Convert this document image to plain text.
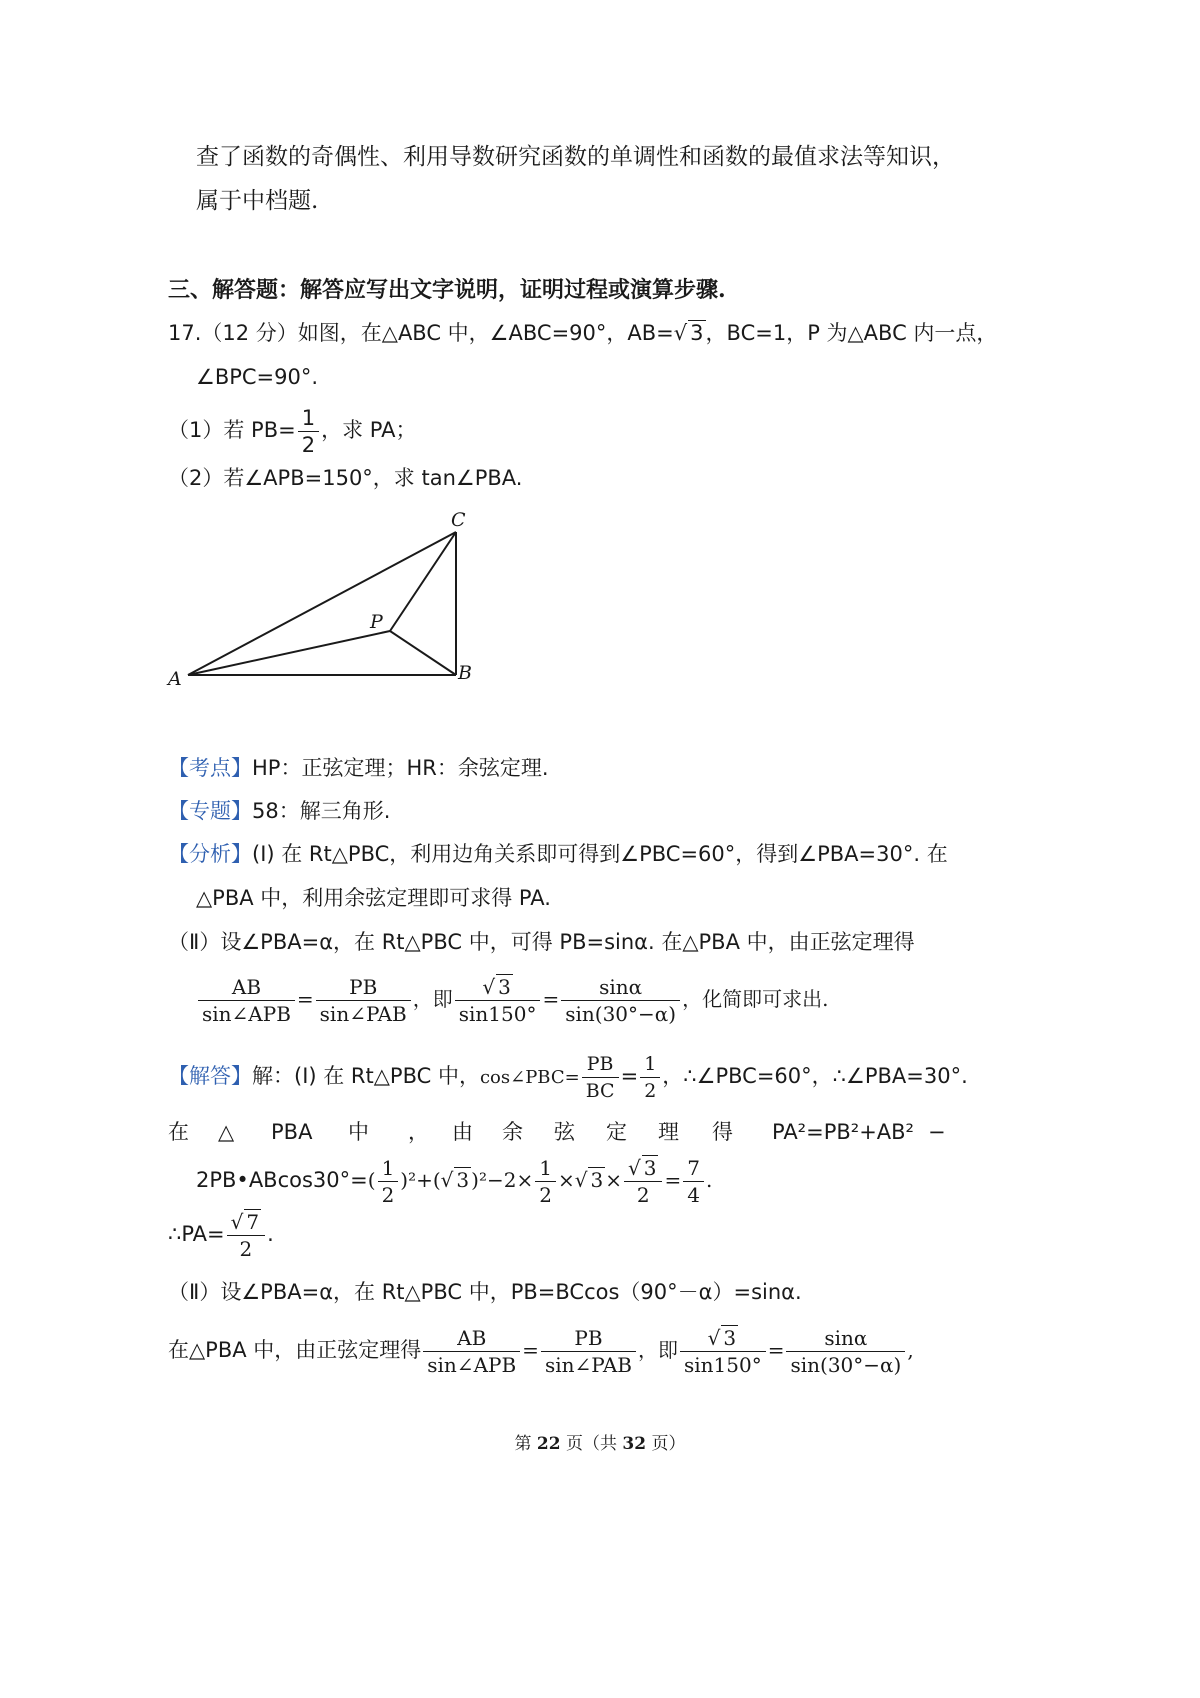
查了函数的奇偶性、利用导数研究函数的单调性和函数的最值求法等知识，
属于中档题.
三、解答题：解答应写出文字说明，证明过程或演算步骤.
17.（12 分）如图，在△ABC 中，∠ABC=90°，AB=√ 3，BC=1，P 为△ABC 内一点，
∠BPC=90°.
（1）若 $PB= \frac{1}{2}$ ，求 PA；
（2）若∠APB=150°，求 tan∠PBA.
A	B
C
P
【考点】HP：正弦定理；HR：余弦定理.
【专题】58：解三角形.
【分析】(Ⅰ) 在 Rt△PBC，利用边角关系即可得到∠PBC=60°，得到∠PBA=30°. 在
△PBA 中，利用余弦定理即可求得 PA.
（Ⅱ）设∠PBA=α，在 Rt△PBC 中，可得 PB=sinα. 在△PBA 中，由正弦定理得
$\frac{AB}{\text{sin∠APB}} = \frac{PB}{\text{sin∠PAB}}$ ，即 $\frac{√ 3}{\sin 150^\circ} = \frac{\sin\alpha}{\sin(30^\circ-\alpha)}$ ，化简即可求出.
【解答】解：(Ⅰ) 在 Rt△PBC 中，cos∠PBC= $\frac{PB}{BC} = \frac{1}{2}$ ，∴∠PBC=60°，∴∠PBA=30°.
在 △ PBA 中 ， 由 余 弦 定 理 得 PA²=PB²+AB² −
2PB•ABcos30°=( $\frac{1}{2} )^2+(√$ 3 )$^2-2\times \frac{1}{2}$ ×√ $3 \times \frac{√ 3}{2} = \frac{7}{4}$ .
∴PA= $\frac{√ 7}{2}$ .
（Ⅱ）设∠PBA=α，在 Rt△PBC 中，PB=BCcos（90°－α）=sinα.
在△PBA 中，由正弦定理得 $\frac{AB}{\text{sin∠APB}} = \frac{PB}{\text{sin∠PAB}}$ ，即 $\frac{√ 3}{\sin 150^\circ} = \frac{\sin\alpha}{\sin(30^\circ-\alpha)}$ ,
第 22 页（共 32 页）
